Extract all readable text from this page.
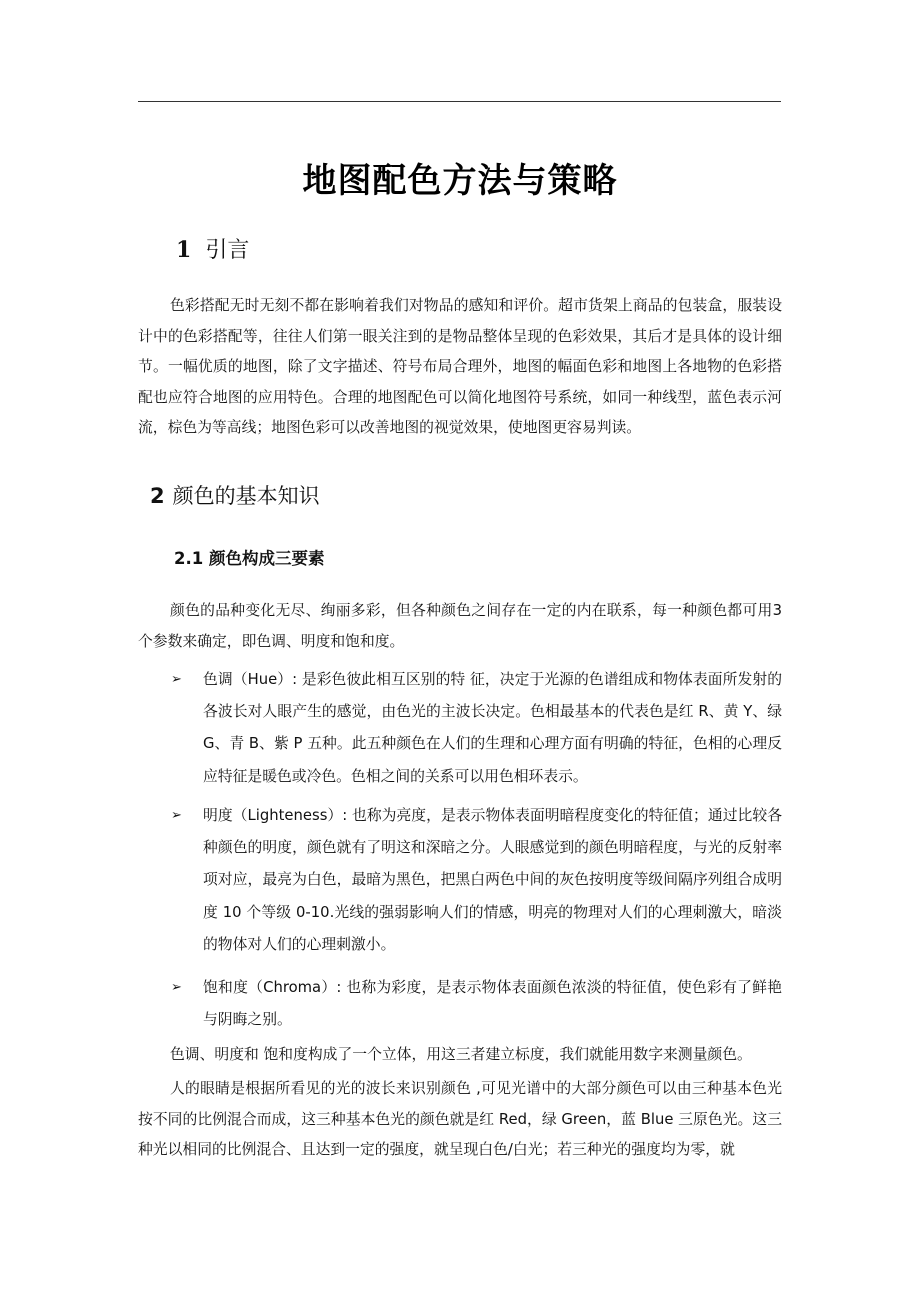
地图配色方法与策略
1 引言
色彩搭配无时无刻不都在影响着我们对物品的感知和评价。超市货架上商品的包装盒，服装设计中的色彩搭配等，往往人们第一眼关注到的是物品整体呈现的色彩效果，其后才是具体的设计细节。一幅优质的地图，除了文字描述、符号布局合理外，地图的幅面色彩和地图上各地物的色彩搭配也应符合地图的应用特色。合理的地图配色可以简化地图符号系统，如同一种线型，蓝色表示河流，棕色为等高线；地图色彩可以改善地图的视觉效果，使地图更容易判读。
2 颜色的基本知识
2.1 颜色构成三要素
颜色的品种变化无尽、绚丽多彩，但各种颜色之间存在一定的内在联系，每一种颜色都可用3 个参数来确定，即色调、明度和饱和度。
➢ 色调（Hue）: 是彩色彼此相互区别的特 征，决定于光源的色谱组成和物体表面所发射的各波长对人眼产生的感觉，由色光的主波长决定。色相最基本的代表色是红 R、黄 Y、绿 G、青 B、紫 P 五种。此五种颜色在人们的生理和心理方面有明确的特征，色相的心理反应特征是暖色或冷色。色相之间的关系可以用色相环表示。
➢ 明度（Lighteness）: 也称为亮度，是表示物体表面明暗程度变化的特征值；通过比较各种颜色的明度，颜色就有了明这和深暗之分。人眼感觉到的颜色明暗程度，与光的反射率项对应，最亮为白色，最暗为黑色，把黑白两色中间的灰色按明度等级间隔序列组合成明度 10 个等级 0-10.光线的强弱影响人们的情感，明亮的物理对人们的心理刺激大，暗淡的物体对人们的心理刺激小。
➢ 饱和度（Chroma）: 也称为彩度，是表示物体表面颜色浓淡的特征值，使色彩有了鲜艳与阴晦之别。
色调、明度和 饱和度构成了一个立体，用这三者建立标度，我们就能用数字来测量颜色。
人的眼睛是根据所看见的光的波长来识别颜色 ,可见光谱中的大部分颜色可以由三种基本色光按不同的比例混合而成，这三种基本色光的颜色就是红 Red，绿 Green，蓝 Blue 三原色光。这三种光以相同的比例混合、且达到一定的强度，就呈现白色/白光；若三种光的强度均为零，就
